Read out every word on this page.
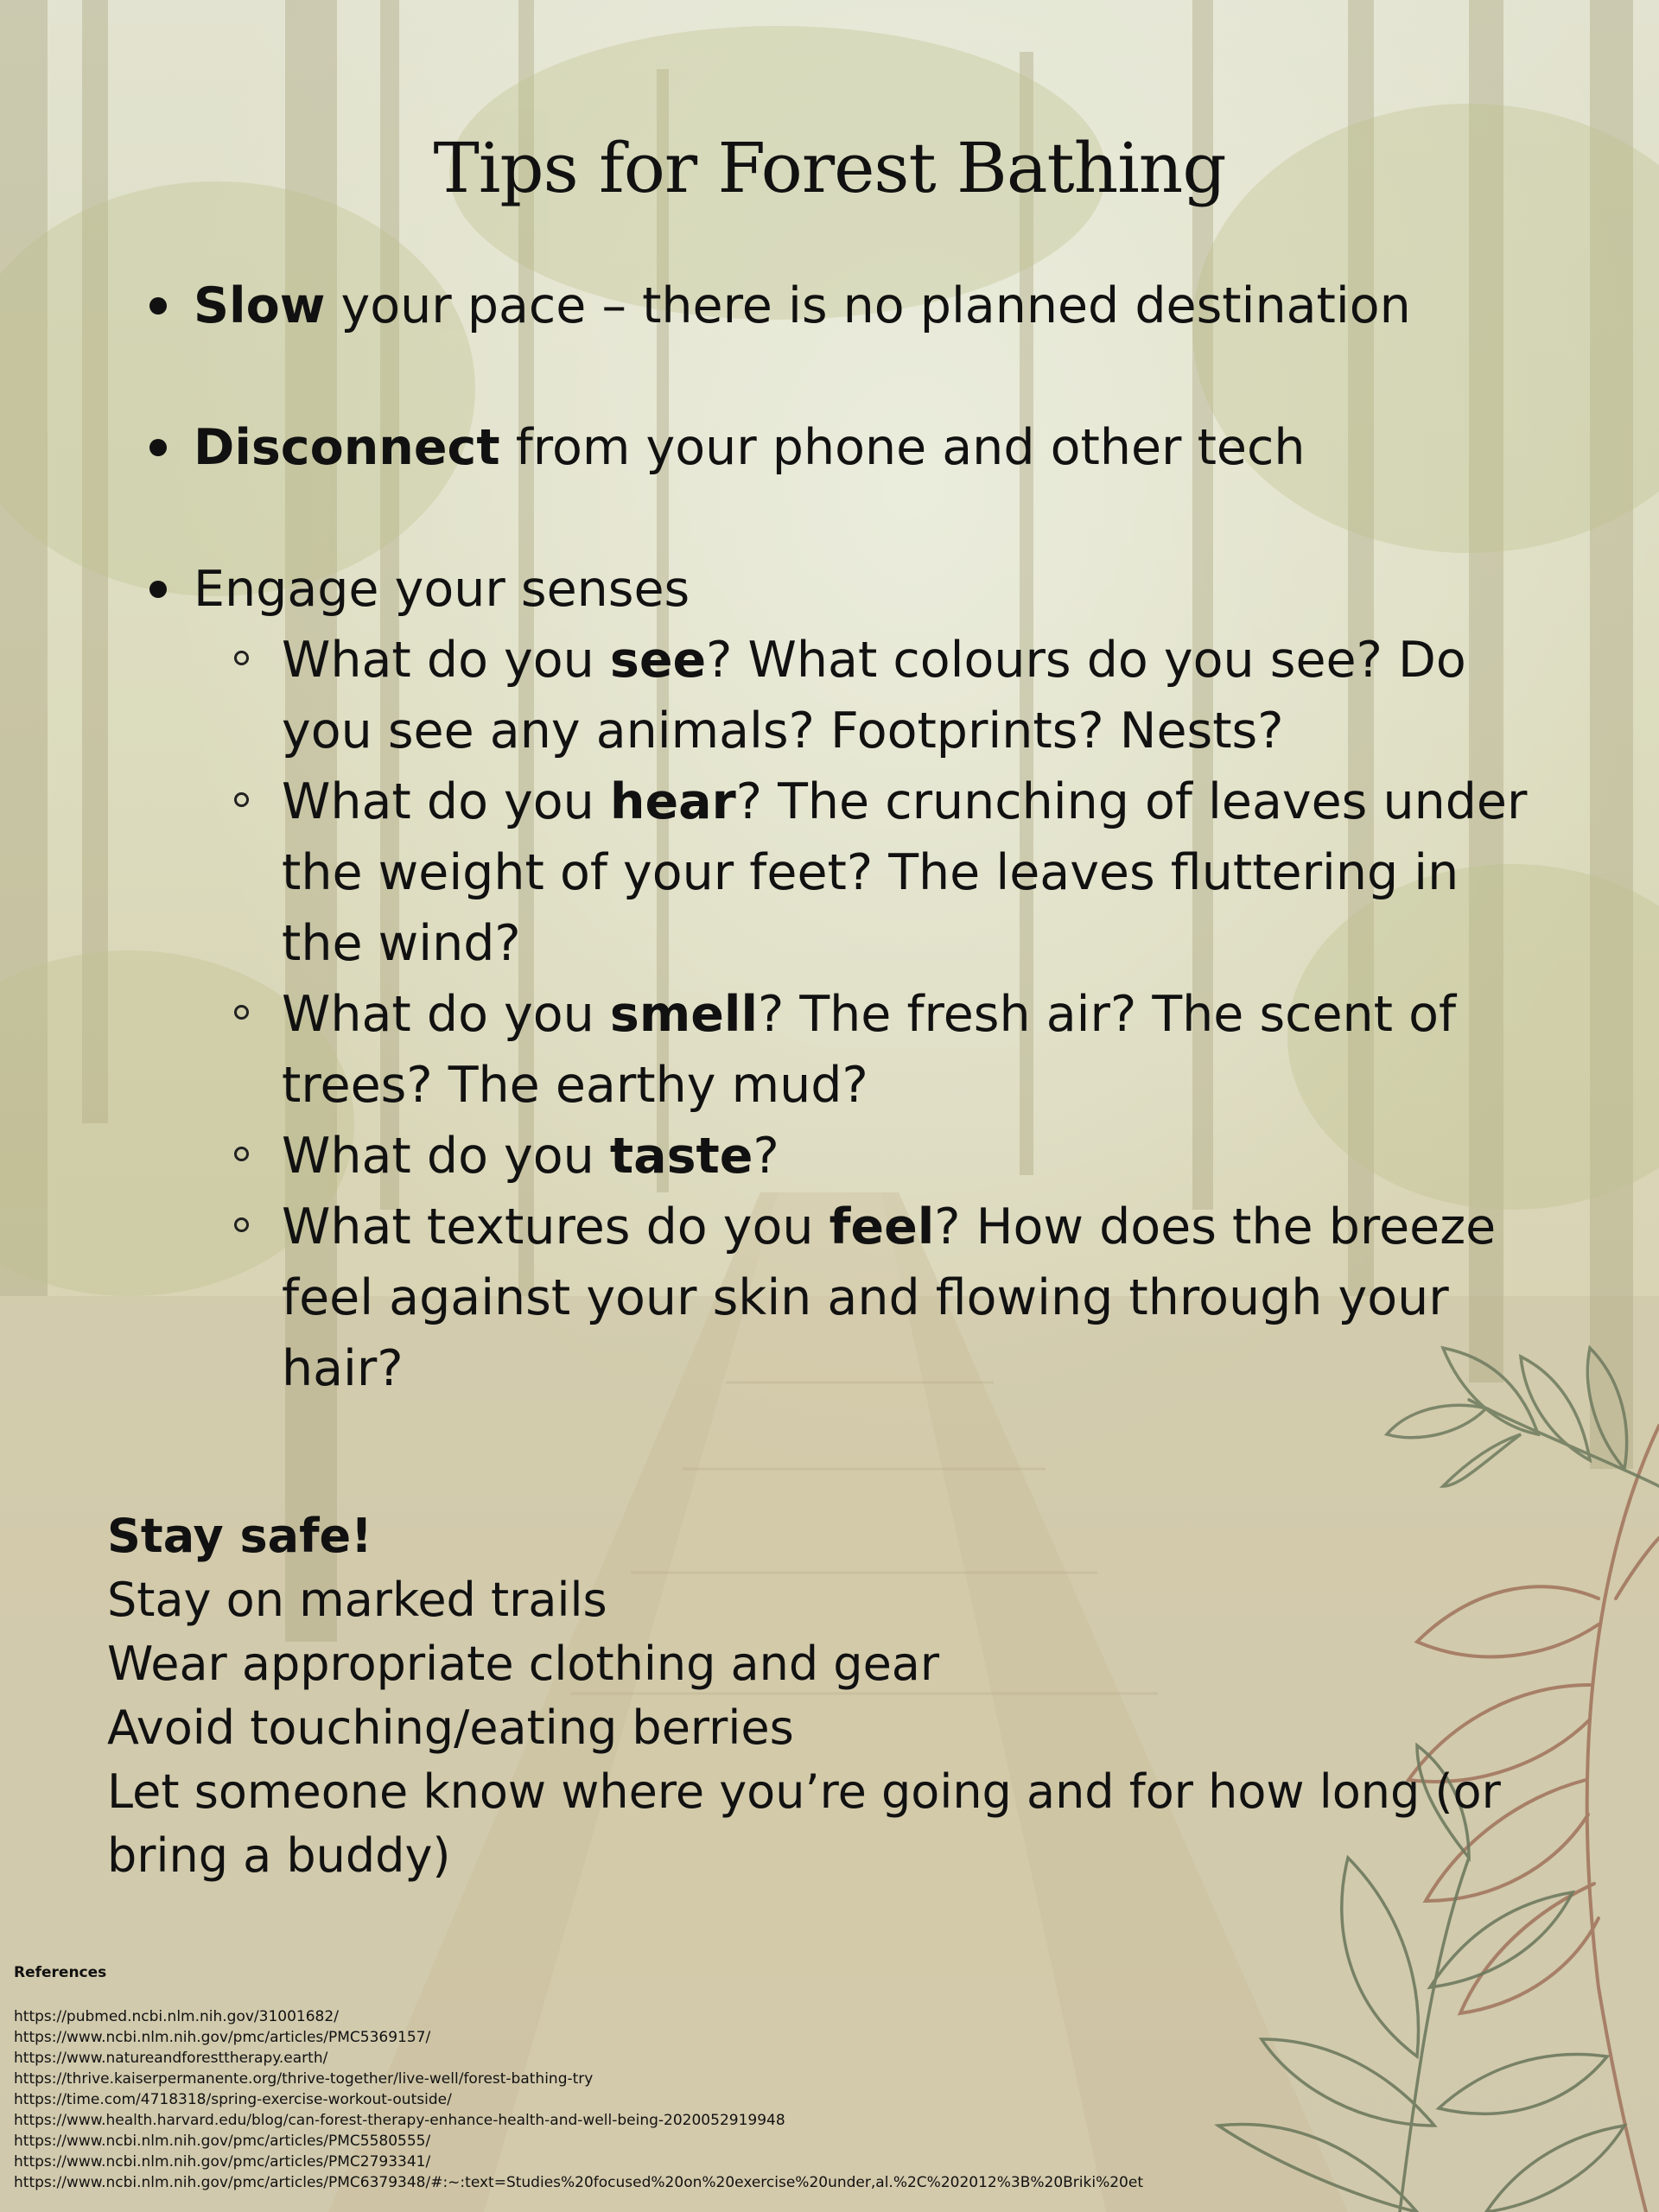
Tips for Forest Bathing
Slow your pace – there is no planned destination
Disconnect from your phone and other tech
Engage your senses
What do you see? What colours do you see? Do you see any animals? Footprints? Nests?
What do you hear? The crunching of leaves under the weight of your feet? The leaves fluttering in the wind?
What do you smell? The fresh air? The scent of trees? The earthy mud?
What do you taste?
What textures do you feel? How does the breeze feel against your skin and flowing through your hair?
Stay safe!
Stay on marked trails
Wear appropriate clothing and gear
Avoid touching/eating berries
Let someone know where you’re going and for how long (or bring a buddy)
References
https://pubmed.ncbi.nlm.nih.gov/31001682/
https://www.ncbi.nlm.nih.gov/pmc/articles/PMC5369157/
https://www.natureandforesttherapy.earth/
https://thrive.kaiserpermanente.org/thrive-together/live-well/forest-bathing-try
https://time.com/4718318/spring-exercise-workout-outside/
https://www.health.harvard.edu/blog/can-forest-therapy-enhance-health-and-well-being-2020052919948
https://www.ncbi.nlm.nih.gov/pmc/articles/PMC5580555/
https://www.ncbi.nlm.nih.gov/pmc/articles/PMC2793341/
https://www.ncbi.nlm.nih.gov/pmc/articles/PMC6379348/#:~:text=Studies%20focused%20on%20exercise%20under,al.%2C%202012%3B%20Briki%20et
